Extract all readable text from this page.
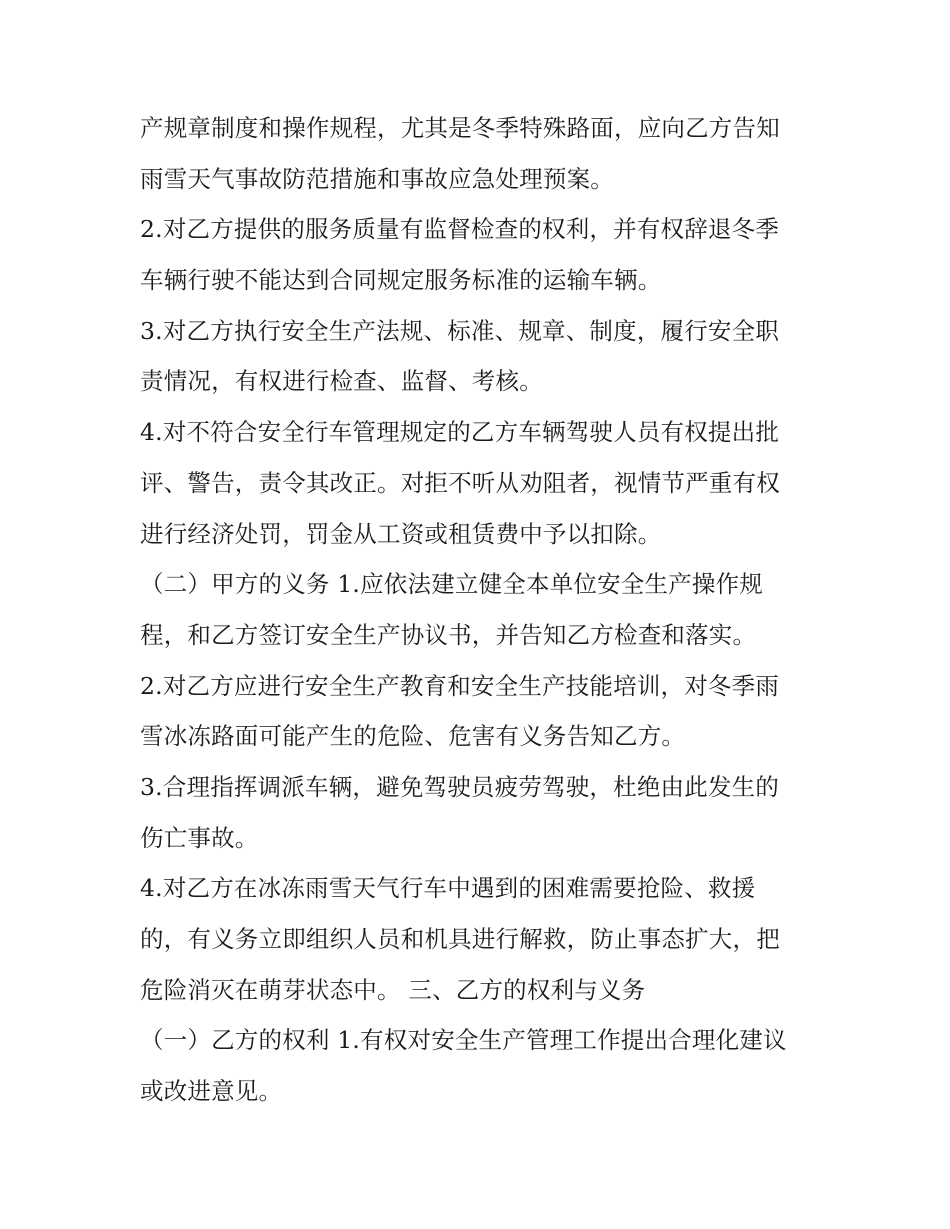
产规章制度和操作规程，尤其是冬季特殊路面，应向乙方告知
雨雪天气事故防范措施和事故应急处理预案。
2.对乙方提供的服务质量有监督检查的权利，并有权辞退冬季
车辆行驶不能达到合同规定服务标准的运输车辆。
3.对乙方执行安全生产法规、标准、规章、制度，履行安全职
责情况，有权进行检查、监督、考核。
4.对不符合安全行车管理规定的乙方车辆驾驶人员有权提出批
评、警告，责令其改正。对拒不听从劝阻者，视情节严重有权
进行经济处罚，罚金从工资或租赁费中予以扣除。
（二）甲方的义务 1.应依法建立健全本单位安全生产操作规
程，和乙方签订安全生产协议书，并告知乙方检查和落实。
2.对乙方应进行安全生产教育和安全生产技能培训，对冬季雨
雪冰冻路面可能产生的危险、危害有义务告知乙方。
3.合理指挥调派车辆，避免驾驶员疲劳驾驶，杜绝由此发生的
伤亡事故。
4.对乙方在冰冻雨雪天气行车中遇到的困难需要抢险、救援
的，有义务立即组织人员和机具进行解救，防止事态扩大，把
危险消灭在萌芽状态中。 三、乙方的权利与义务
（一）乙方的权利 1.有权对安全生产管理工作提出合理化建议
或改进意见。
